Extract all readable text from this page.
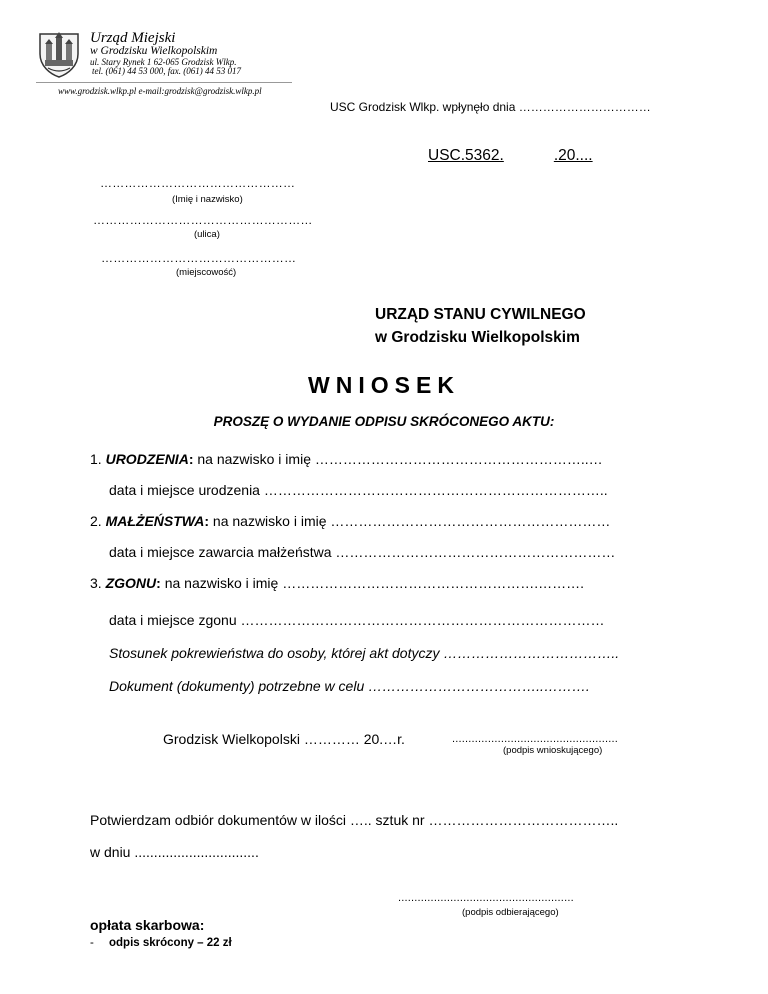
Urząd Miejski
w Grodzisku Wielkopolskim
ul. Stary Rynek 1 62-065 Grodzisk Wlkp.
tel. (061) 44 53 000, fax. (061) 44 53 017
www.grodzisk.wlkp.pl e-mail:grodzisk@grodzisk.wlkp.pl
USC Grodzisk Wlkp. wpłynęło dnia ……………………………
USC.5362.	.20....
…………………………………………
(Imię i nazwisko)
………………………………………………
(ulica)
…………………………………………
(miejscowość)
URZĄD STANU CYWILNEGO
w Grodzisku Wielkopolskim
WNIOSEK
PROSZĘ O WYDANIE ODPISU SKRÓCONEGO AKTU:
1. URODZENIA: na nazwisko i imię …………………………………………………..…
data i miejsce urodzenia ………………………………………………………………..
2. MAŁŻEŃSTWA: na nazwisko i imię ……………………………………………………
data i miejsce zawarcia małżeństwa ……………………………………………………
3. ZGONU: na nazwisko i imię ……………………………………………….……….
data i miejsce zgonu ……………………………………………………………………
Stosunek pokrewieństwa do osoby, której akt dotyczy ………………………………..
Dokument (dokumenty) potrzebne w celu ………………………………..……….
Grodzisk Wielkopolski ………… 20.…r.	...................................................
(podpis wnioskującego)
Potwierdzam odbiór dokumentów w ilości ….. sztuk nr …………………………………..
w dniu ................................
......................................................
(podpis odbierającego)
opłata skarbowa:
- odpis skrócony – 22 zł
